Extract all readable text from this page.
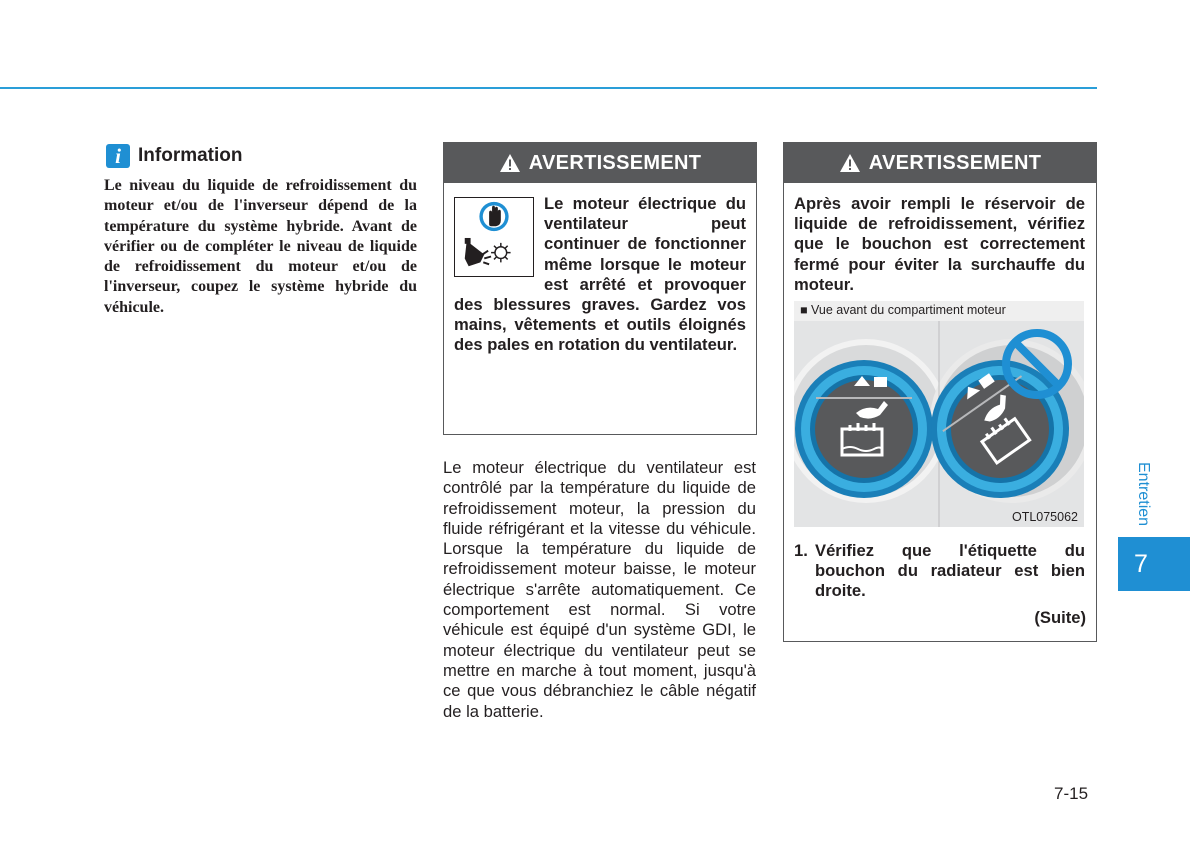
i Information
Le niveau du liquide de refroidissement du moteur et/ou de l'inverseur dépend de la température du système hybride. Avant de vérifier ou de compléter le niveau de liquide de refroidissement du moteur et/ou de l'inverseur, coupez le système hybride du véhicule.
AVERTISSEMENT
Le moteur électrique du ventilateur peut continuer de fonctionner même lorsque le moteur est arrêté et provoquer des blessures graves. Gardez vos mains, vêtements et outils éloignés des pales en rotation du ventilateur.
Le moteur électrique du ventilateur est contrôlé par la température du liquide de refroidissement moteur, la pression du fluide réfrigérant et la vitesse du véhicule. Lorsque la température du liquide de refroidissement moteur baisse, le moteur électrique s'arrête automatiquement. Ce comportement est normal. Si votre véhicule est équipé d'un système GDI, le moteur électrique du ventilateur peut se mettre en marche à tout moment, jusqu'à ce que vous débranchiez le câble négatif de la batterie.
AVERTISSEMENT
Après avoir rempli le réservoir de liquide de refroidissement, vérifiez que le bouchon est correctement fermé pour éviter la surchauffe du moteur.
■ Vue avant du compartiment moteur
OTL075062
1. Vérifiez que l'étiquette du bouchon du radiateur est bien droite.
(Suite)
Entretien
7
7-15
